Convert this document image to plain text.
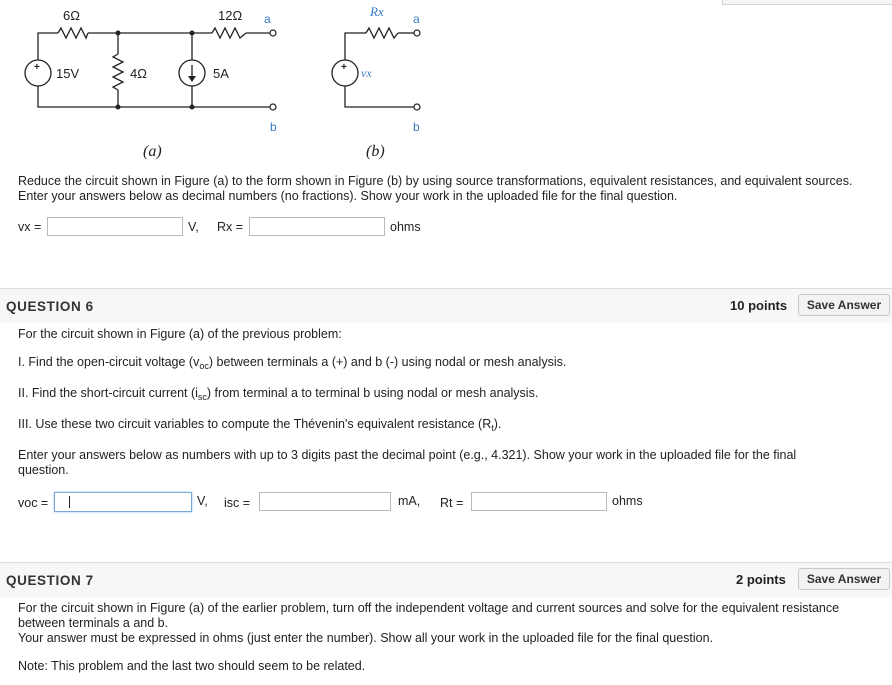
+	+
6Ω	12Ω a
15V	4Ω	5A
b
(a)
Rx a
vx
b
(b)
Reduce the circuit shown in Figure (a) to the form shown in Figure (b) by using source transformations, equivalent resistances, and equivalent sources.
Enter your answers below as decimal numbers (no fractions). Show your work in the uploaded file for the final question.
vx =	V, Rx =	ohms
QUESTION 6	10 points	Save Answer
For the circuit shown in Figure (a) of the previous problem:
I. Find the open-circuit voltage $(v_{oc})$ between terminals a (+) and b (-) using nodal or mesh analysis.
II. Find the short-circuit current $(i_{sc})$ from terminal a to terminal b using nodal or mesh analysis.
III. Use these two circuit variables to compute the Thévenin's equivalent resistance $(R_t)$.
Enter your answers below as numbers with up to 3 digits past the decimal point (e.g., 4.321). Show your work in the uploaded file for the final
question.
voc =	V, isc =	mA, Rt =	ohms
QUESTION 7	2 points	Save Answer
For the circuit shown in Figure (a) of the earlier problem, turn off the independent voltage and current sources and solve for the equivalent resistance
between terminals a and b.
Your answer must be expressed in ohms (just enter the number). Show all your work in the uploaded file for the final question.
Note: This problem and the last two should seem to be related.
